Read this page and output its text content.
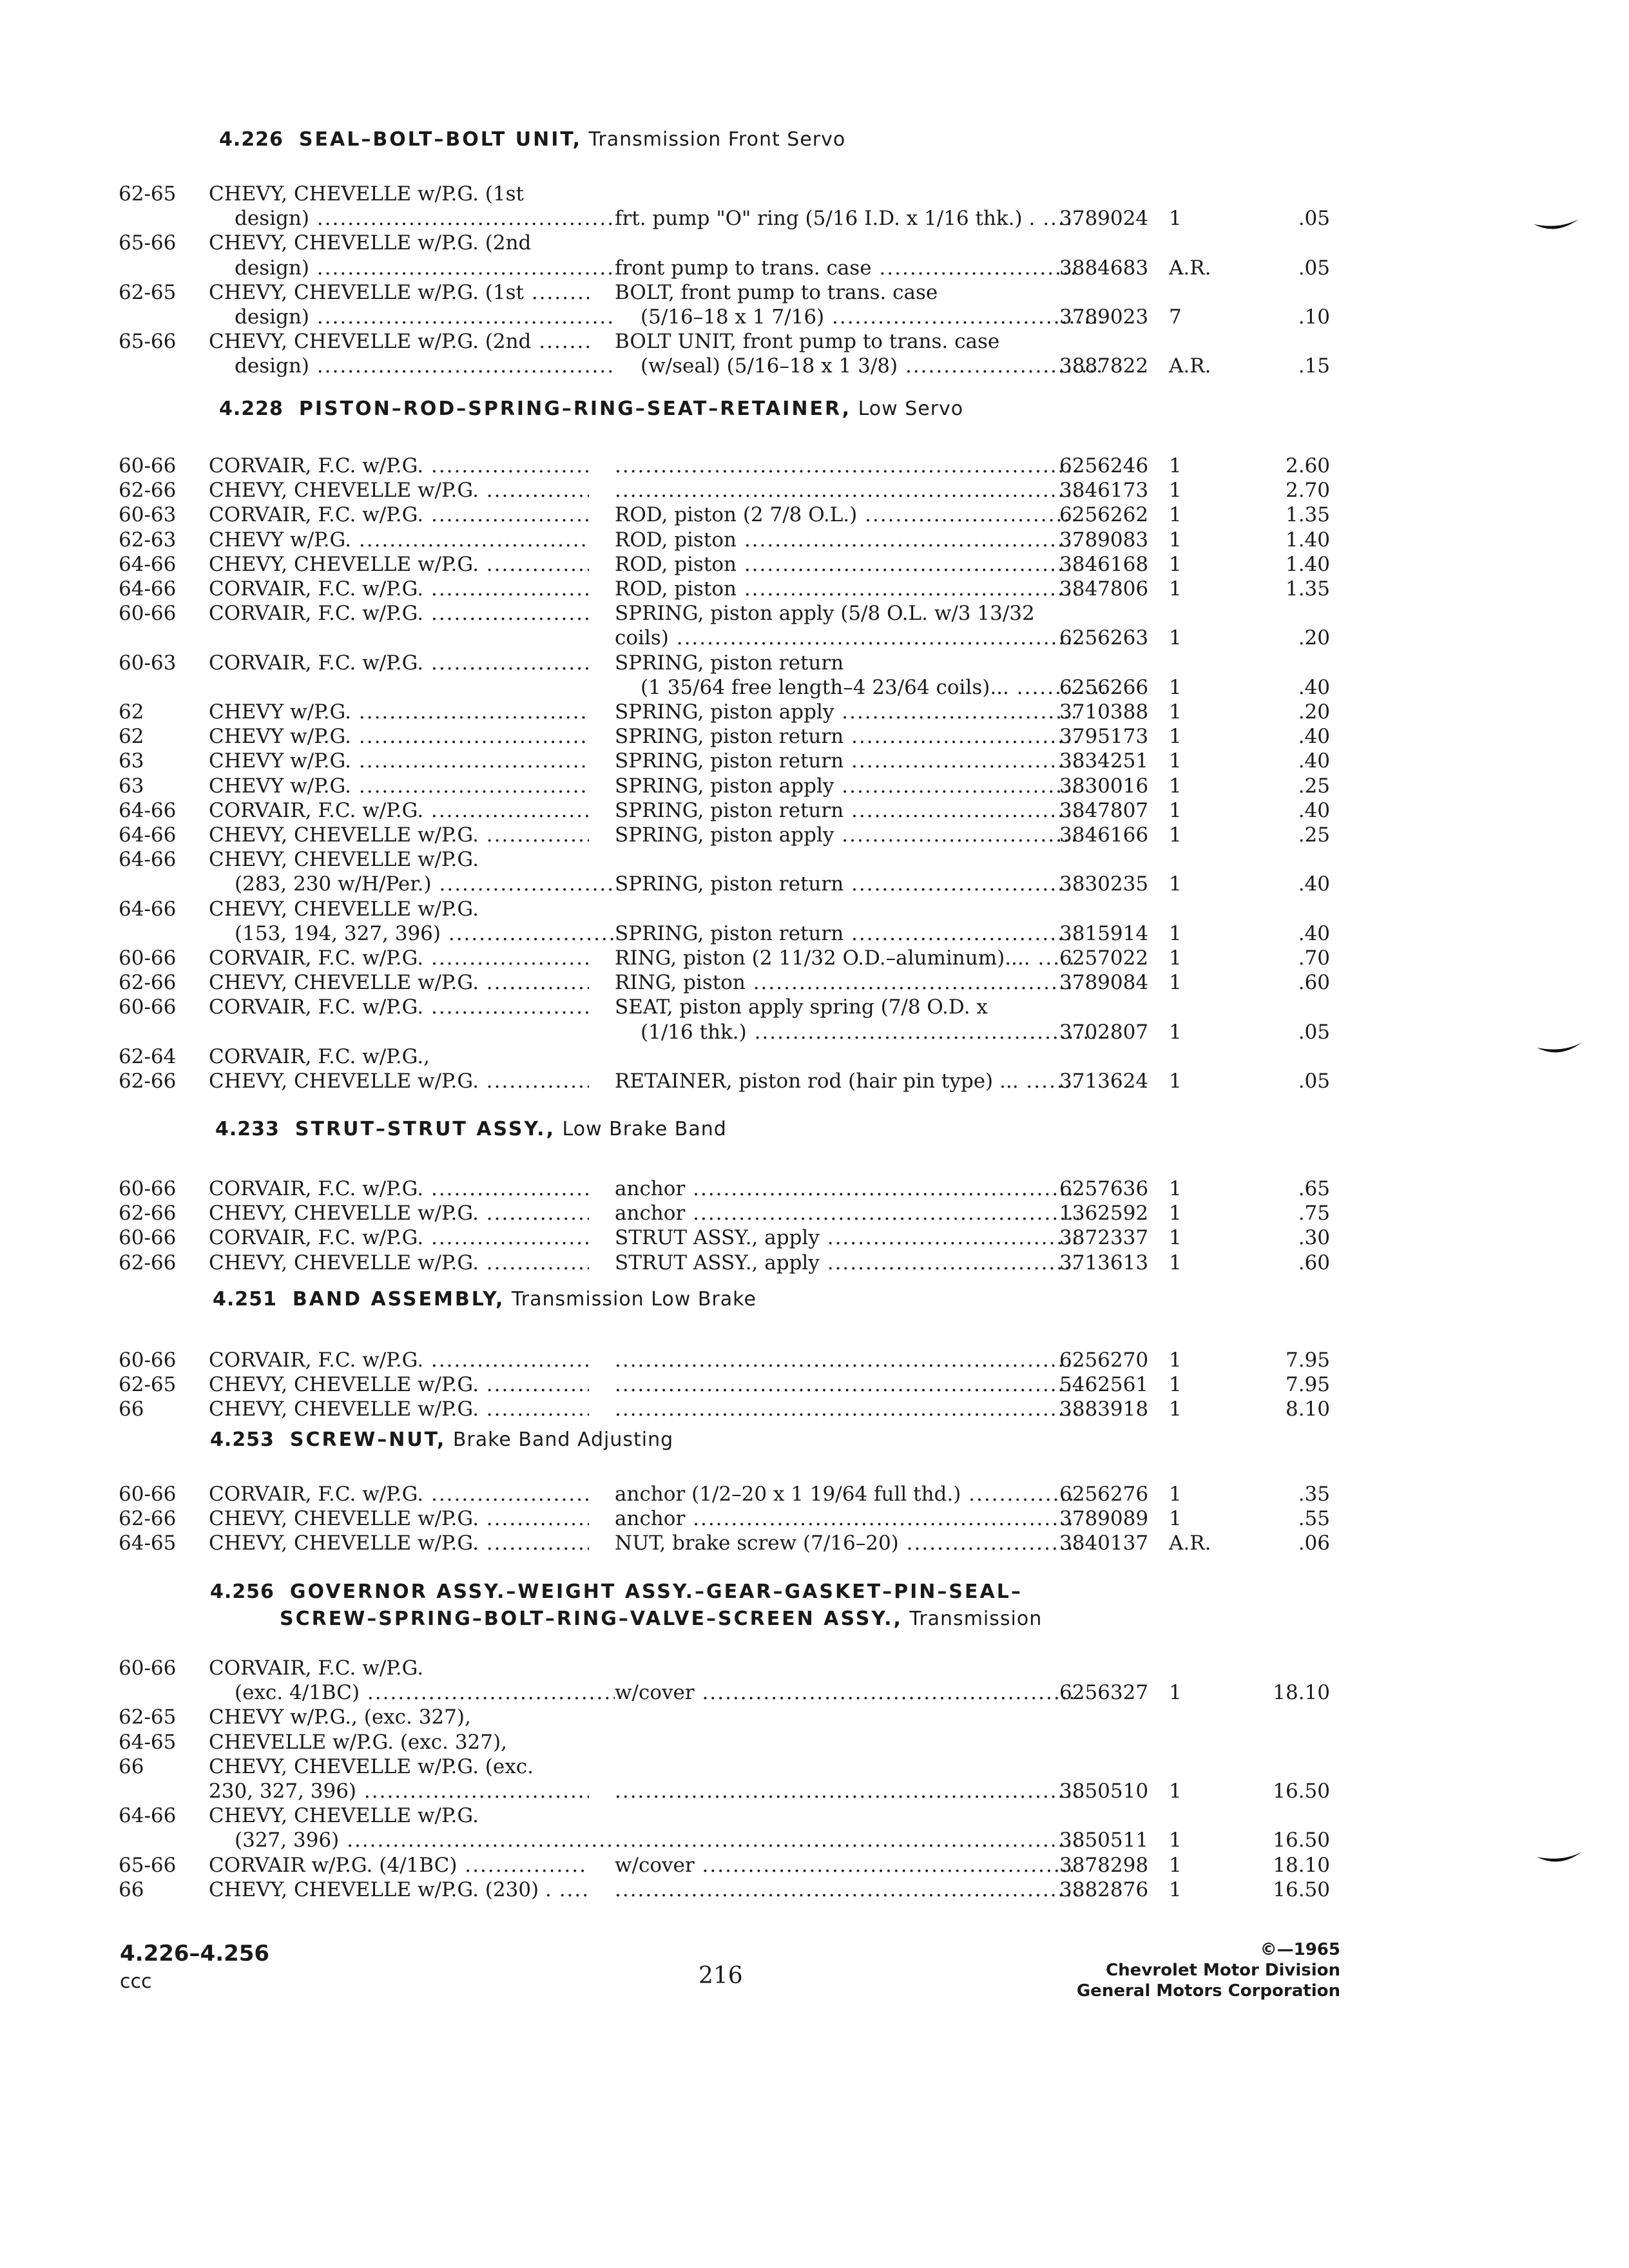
4.226 SEAL–BOLT–BOLT UNIT, Transmission Front Servo
62-65	CHEVY, CHEVELLE w/P.G. (1st
design) .....	frt. pump "O" ring (5/16 I.D. x 1/16 thk.) . .....	3789024	1	.05
65-66	CHEVY, CHEVELLE w/P.G. (2nd
design) .....	front pump to trans. case .....	3884683	A.R.	.05
62-65	CHEVY, CHEVELLE w/P.G. (1st .....	BOLT, front pump to trans. case
design) .....	(5/16–18 x 1 7/16) .....	3789023	7	.10
65-66	CHEVY, CHEVELLE w/P.G. (2nd .....	BOLT UNIT, front pump to trans. case
design) .....	(w/seal) (5/16–18 x 1 3/8) .....	3887822	A.R.	.15
4.228 PISTON–ROD–SPRING–RING–SEAT–RETAINER, Low Servo
60-66	CORVAIR, F.C. w/P.G. ..... .....	6256246	1	2.60
62-66	CHEVY, CHEVELLE w/P.G. ..... .....	3846173	1	2.70
60-63	CORVAIR, F.C. w/P.G. .....	ROD, piston (2 7/8 O.L.) .....	6256262	1	1.35
62-63	CHEVY w/P.G. .....	ROD, piston .....	3789083	1	1.40
64-66	CHEVY, CHEVELLE w/P.G. .....	ROD, piston .....	3846168	1	1.40
64-66	CORVAIR, F.C. w/P.G. .....	ROD, piston .....	3847806	1	1.35
60-66	CORVAIR, F.C. w/P.G. .....	SPRING, piston apply (5/8 O.L. w/3 13/32
coils) .....	6256263	1	.20
60-63	CORVAIR, F.C. w/P.G. .....	SPRING, piston return
(1 35/64 free length–4 23/64 coils)... .....	6256266	1	.40
62	CHEVY w/P.G. .....	SPRING, piston apply .....	3710388	1	.20
62	CHEVY w/P.G. .....	SPRING, piston return .....	3795173	1	.40
63	CHEVY w/P.G. .....	SPRING, piston return .....	3834251	1	.40
63	CHEVY w/P.G. .....	SPRING, piston apply .....	3830016	1	.25
64-66	CORVAIR, F.C. w/P.G. .....	SPRING, piston return .....	3847807	1	.40
64-66	CHEVY, CHEVELLE w/P.G. .....	SPRING, piston apply .....	3846166	1	.25
64-66	CHEVY, CHEVELLE w/P.G.
(283, 230 w/H/Per.) .....	SPRING, piston return .....	3830235	1	.40
64-66	CHEVY, CHEVELLE w/P.G.
(153, 194, 327, 396) .....	SPRING, piston return .....	3815914	1	.40
60-66	CORVAIR, F.C. w/P.G. .....	RING, piston (2 11/32 O.D.–aluminum).... .....	6257022	1	.70
62-66	CHEVY, CHEVELLE w/P.G. .....	RING, piston .....	3789084	1	.60
60-66	CORVAIR, F.C. w/P.G. .....	SEAT, piston apply spring (7/8 O.D. x
(1/16 thk.) .....	3702807	1	.05
62-64	CORVAIR, F.C. w/P.G.,
62-66	CHEVY, CHEVELLE w/P.G. .....	RETAINER, piston rod (hair pin type) ... .....	3713624	1	.05
4.233 STRUT–STRUT ASSY., Low Brake Band
60-66	CORVAIR, F.C. w/P.G. .....	anchor .....	6257636	1	.65
62-66	CHEVY, CHEVELLE w/P.G. .....	anchor .....	1362592	1	.75
60-66	CORVAIR, F.C. w/P.G. .....	STRUT ASSY., apply .....	3872337	1	.30
62-66	CHEVY, CHEVELLE w/P.G. .....	STRUT ASSY., apply .....	3713613	1	.60
4.251 BAND ASSEMBLY, Transmission Low Brake
60-66	CORVAIR, F.C. w/P.G. ..... .....	6256270	1	7.95
62-65	CHEVY, CHEVELLE w/P.G. ..... .....	5462561	1	7.95
66	CHEVY, CHEVELLE w/P.G. ..... .....	3883918	1	8.10
4.253 SCREW–NUT, Brake Band Adjusting
60-66	CORVAIR, F.C. w/P.G. .....	anchor (1/2–20 x 1 19/64 full thd.) .....	6256276	1	.35
62-66	CHEVY, CHEVELLE w/P.G. .....	anchor .....	3789089	1	.55
64-65	CHEVY, CHEVELLE w/P.G. .....	NUT, brake screw (7/16–20) .....	3840137	A.R.	.06
4.256 GOVERNOR ASSY.–WEIGHT ASSY.–GEAR–GASKET–PIN–SEAL–
SCREW–SPRING–BOLT–RING–VALVE–SCREEN ASSY., Transmission
60-66	CORVAIR, F.C. w/P.G.
(exc. 4/1BC) .....	w/cover .....	6256327	1	18.10
62-65	CHEVY w/P.G., (exc. 327),
64-65	CHEVELLE w/P.G. (exc. 327),
66	CHEVY, CHEVELLE w/P.G. (exc.
230, 327, 396) ..... .....	3850510	1	16.50
64-66	CHEVY, CHEVELLE w/P.G.
(327, 396) ..... .....	3850511	1	16.50
65-66	CORVAIR w/P.G. (4/1BC) .....	w/cover .....	3878298	1	18.10
66	CHEVY, CHEVELLE w/P.G. (230) . ..... .....	3882876	1	16.50
4.226–4.256
ccc	216
©—1965
Chevrolet Motor Division
General Motors Corporation
